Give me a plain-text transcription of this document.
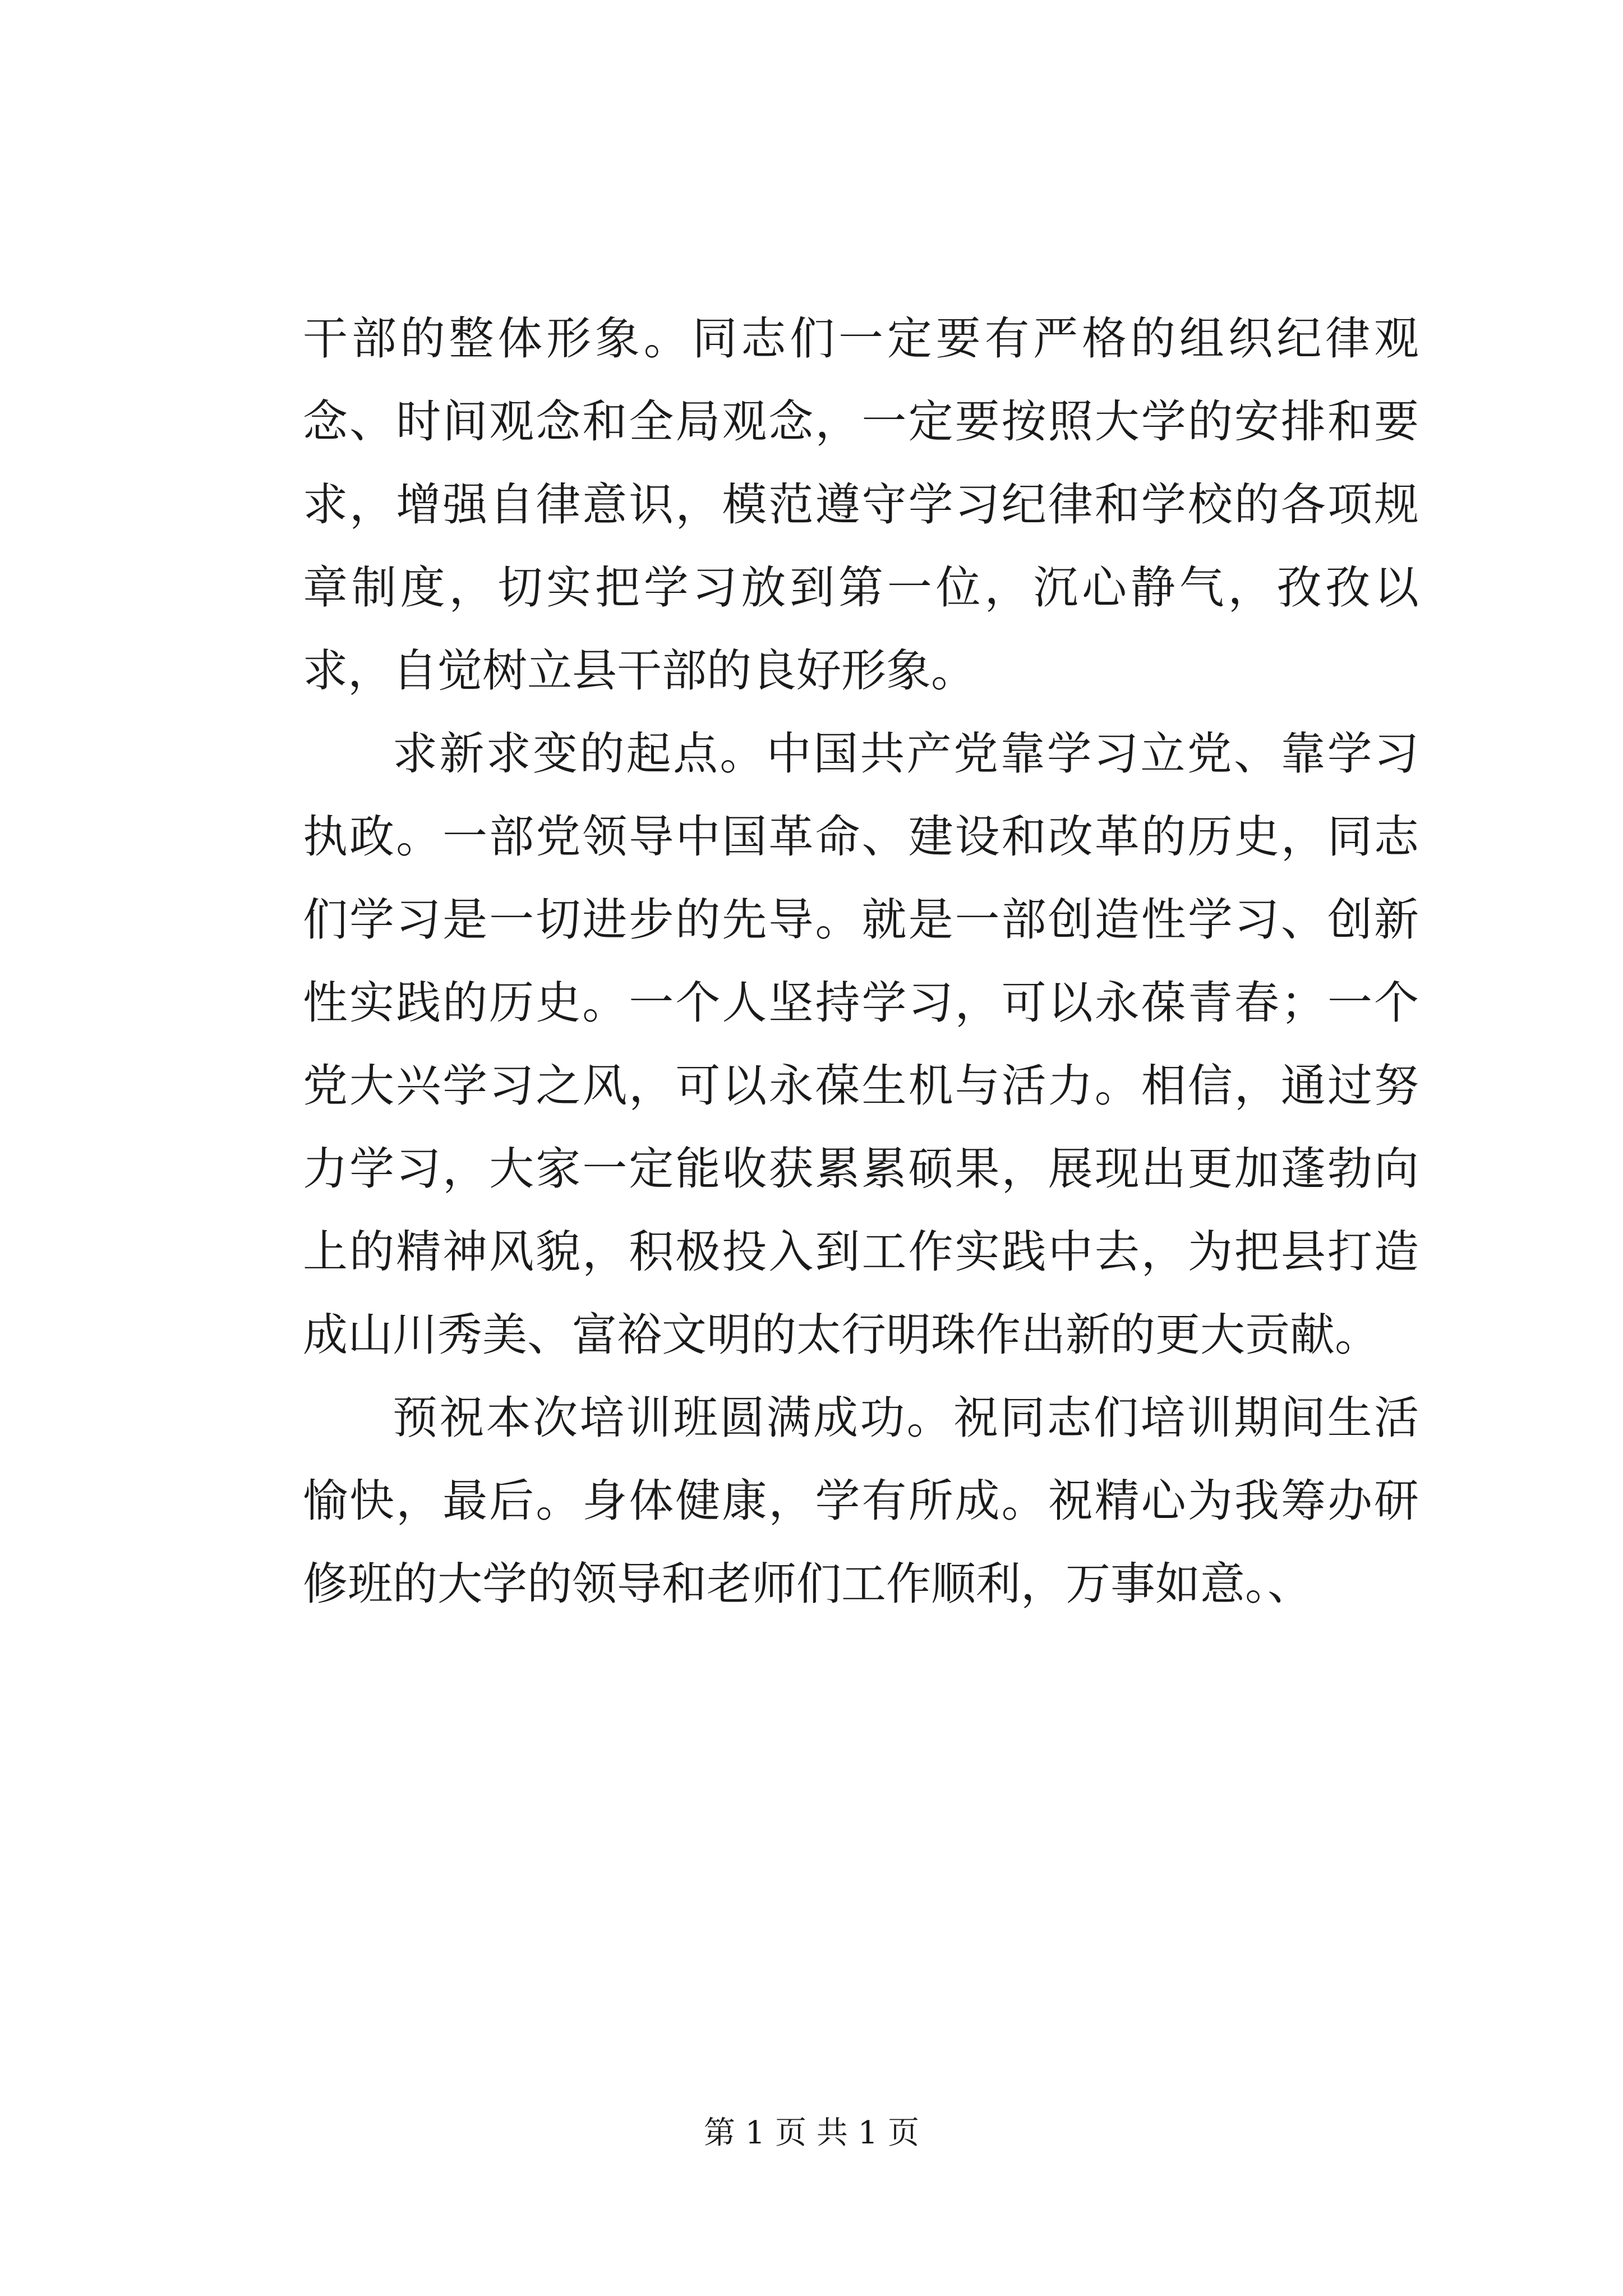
干部的整体形象。同志们一定要有严格的组织纪律观念、时间观念和全局观念，一定要按照大学的安排和要求，增强自律意识，模范遵守学习纪律和学校的各项规章制度，切实把学习放到第一位，沉心静气，孜孜以求，自觉树立县干部的良好形象。

求新求变的起点。中国共产党靠学习立党、靠学习执政。一部党领导中国革命、建设和改革的历史，同志们学习是一切进步的先导。就是一部创造性学习、创新性实践的历史。一个人坚持学习，可以永葆青春；一个党大兴学习之风，可以永葆生机与活力。相信，通过努力学习，大家一定能收获累累硕果，展现出更加蓬勃向上的精神风貌，积极投入到工作实践中去，为把县打造成山川秀美、富裕文明的太行明珠作出新的更大贡献。

预祝本次培训班圆满成功。祝同志们培训期间生活愉快，最后。身体健康，学有所成。祝精心为我筹办研修班的大学的领导和老师们工作顺利，万事如意。、

第 1 页 共 1 页
